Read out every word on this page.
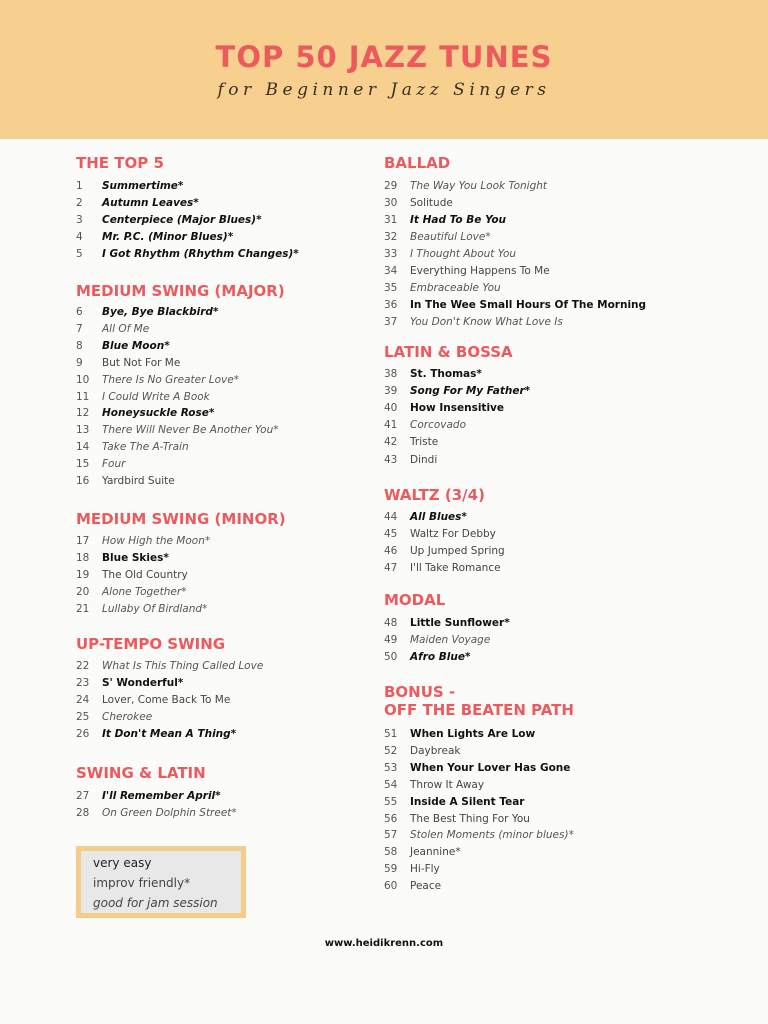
TOP 50 JAZZ TUNES
for Beginner Jazz Singers
THE TOP 5
1 Summertime*
2 Autumn Leaves*
3 Centerpiece (Major Blues)*
4 Mr. P.C. (Minor Blues)*
5 I Got Rhythm (Rhythm Changes)*
MEDIUM SWING (MAJOR)
6 Bye, Bye Blackbird*
7 All Of Me
8 Blue Moon*
9 But Not For Me
10 There Is No Greater Love*
11 I Could Write A Book
12 Honeysuckle Rose*
13 There Will Never Be Another You*
14 Take The A-Train
15 Four
16 Yardbird Suite
MEDIUM SWING (MINOR)
17 How High the Moon*
18 Blue Skies*
19 The Old Country
20 Alone Together*
21 Lullaby Of Birdland*
UP-TEMPO SWING
22 What Is This Thing Called Love
23 S' Wonderful*
24 Lover, Come Back To Me
25 Cherokee
26 It Don't Mean A Thing*
SWING & LATIN
27 I'll Remember April*
28 On Green Dolphin Street*
BALLAD
29 The Way You Look Tonight
30 Solitude
31 It Had To Be You
32 Beautiful Love*
33 I Thought About You
34 Everything Happens To Me
35 Embraceable You
36 In The Wee Small Hours Of The Morning
37 You Don't Know What Love Is
LATIN & BOSSA
38 St. Thomas*
39 Song For My Father*
40 How Insensitive
41 Corcovado
42 Triste
43 Dindi
WALTZ (3/4)
44 All Blues*
45 Waltz For Debby
46 Up Jumped Spring
47 I'll Take Romance
MODAL
48 Little Sunflower*
49 Maiden Voyage
50 Afro Blue*
BONUS -
OFF THE BEATEN PATH
51 When Lights Are Low
52 Daybreak
53 When Your Lover Has Gone
54 Throw It Away
55 Inside A Silent Tear
56 The Best Thing For You
57 Stolen Moments (minor blues)*
58 Jeannine*
59 Hi-Fly
60 Peace
very easy
improv friendly*
good for jam session
www.heidikrenn.com
